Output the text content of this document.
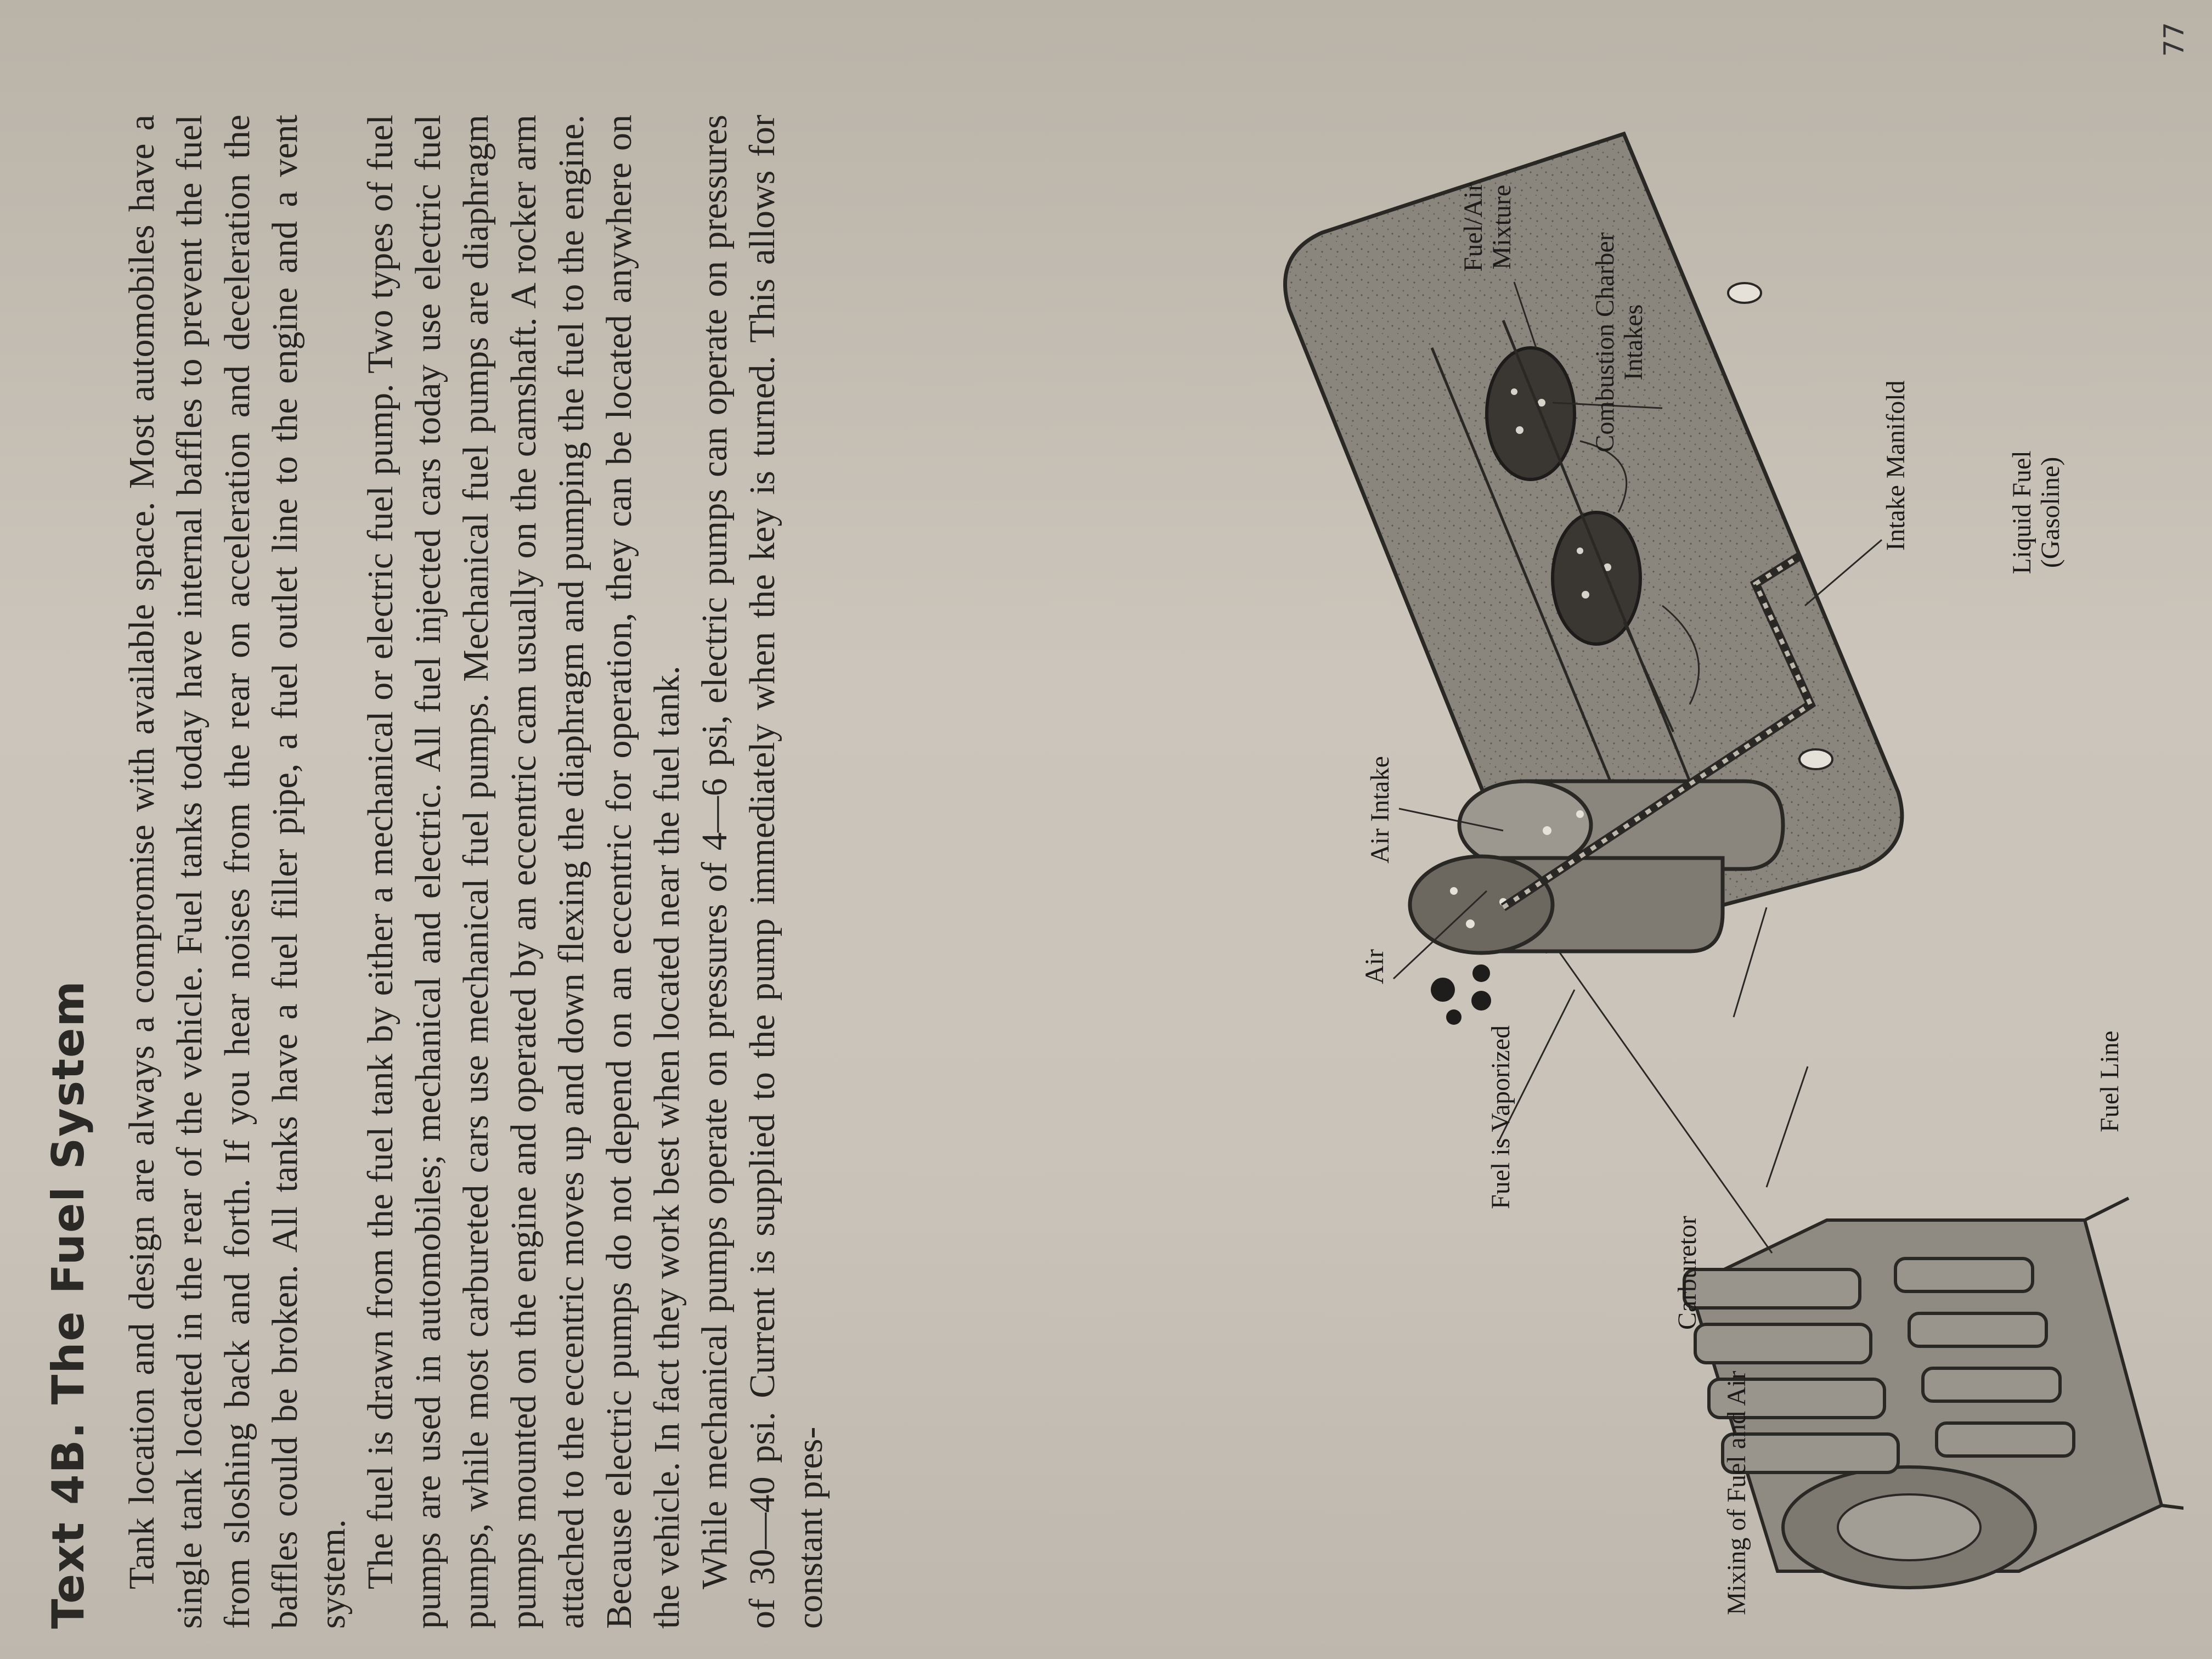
Text 4B. The Fuel System Tank location and design are always a compromise with available space. Most automobiles have a single tank located in the rear of the vehicle. Fuel tanks today have internal baffles to prevent the fuel from sloshing back and forth. If you hear noises from the rear on acceleration and deceleration the baffles could be broken. All tanks have a fuel filler pipe, a fuel outlet line to the engine and a vent system. The fuel is drawn from the fuel tank by either a mechanical or electric fuel pump. Two types of fuel pumps are used in automobiles; mechanical and electric. All fuel injected cars today use electric fuel pumps, while most carbureted cars use mechanical fuel pumps. Mechanical fuel pumps are diaphragm pumps mounted on the engine and operated by an eccentric cam usually on the camshaft. A rocker arm attached to the eccentric moves up and down flexing the diaphragm and pumping the fuel to the engine. Because electric pumps do not depend on an eccentric for operation, they can be located anywhere on the vehicle. In fact they work best when located near the fuel tank. While mechanical pumps operate on pressures of 4—6 psi, electric pumps can operate on pressures of 30—40 psi. Current is supplied to the pump immediately when the key is turned. This allows for constant pres-	Mixing of Fuel and Air
Carburetor
Fuel Line
Fuel is Vaporized
Air
Air Intake
Liquid Fuel (Gasoline)
Intake Manifold
Fuel/Air Mixture
Combustion Charber Intakes
77
